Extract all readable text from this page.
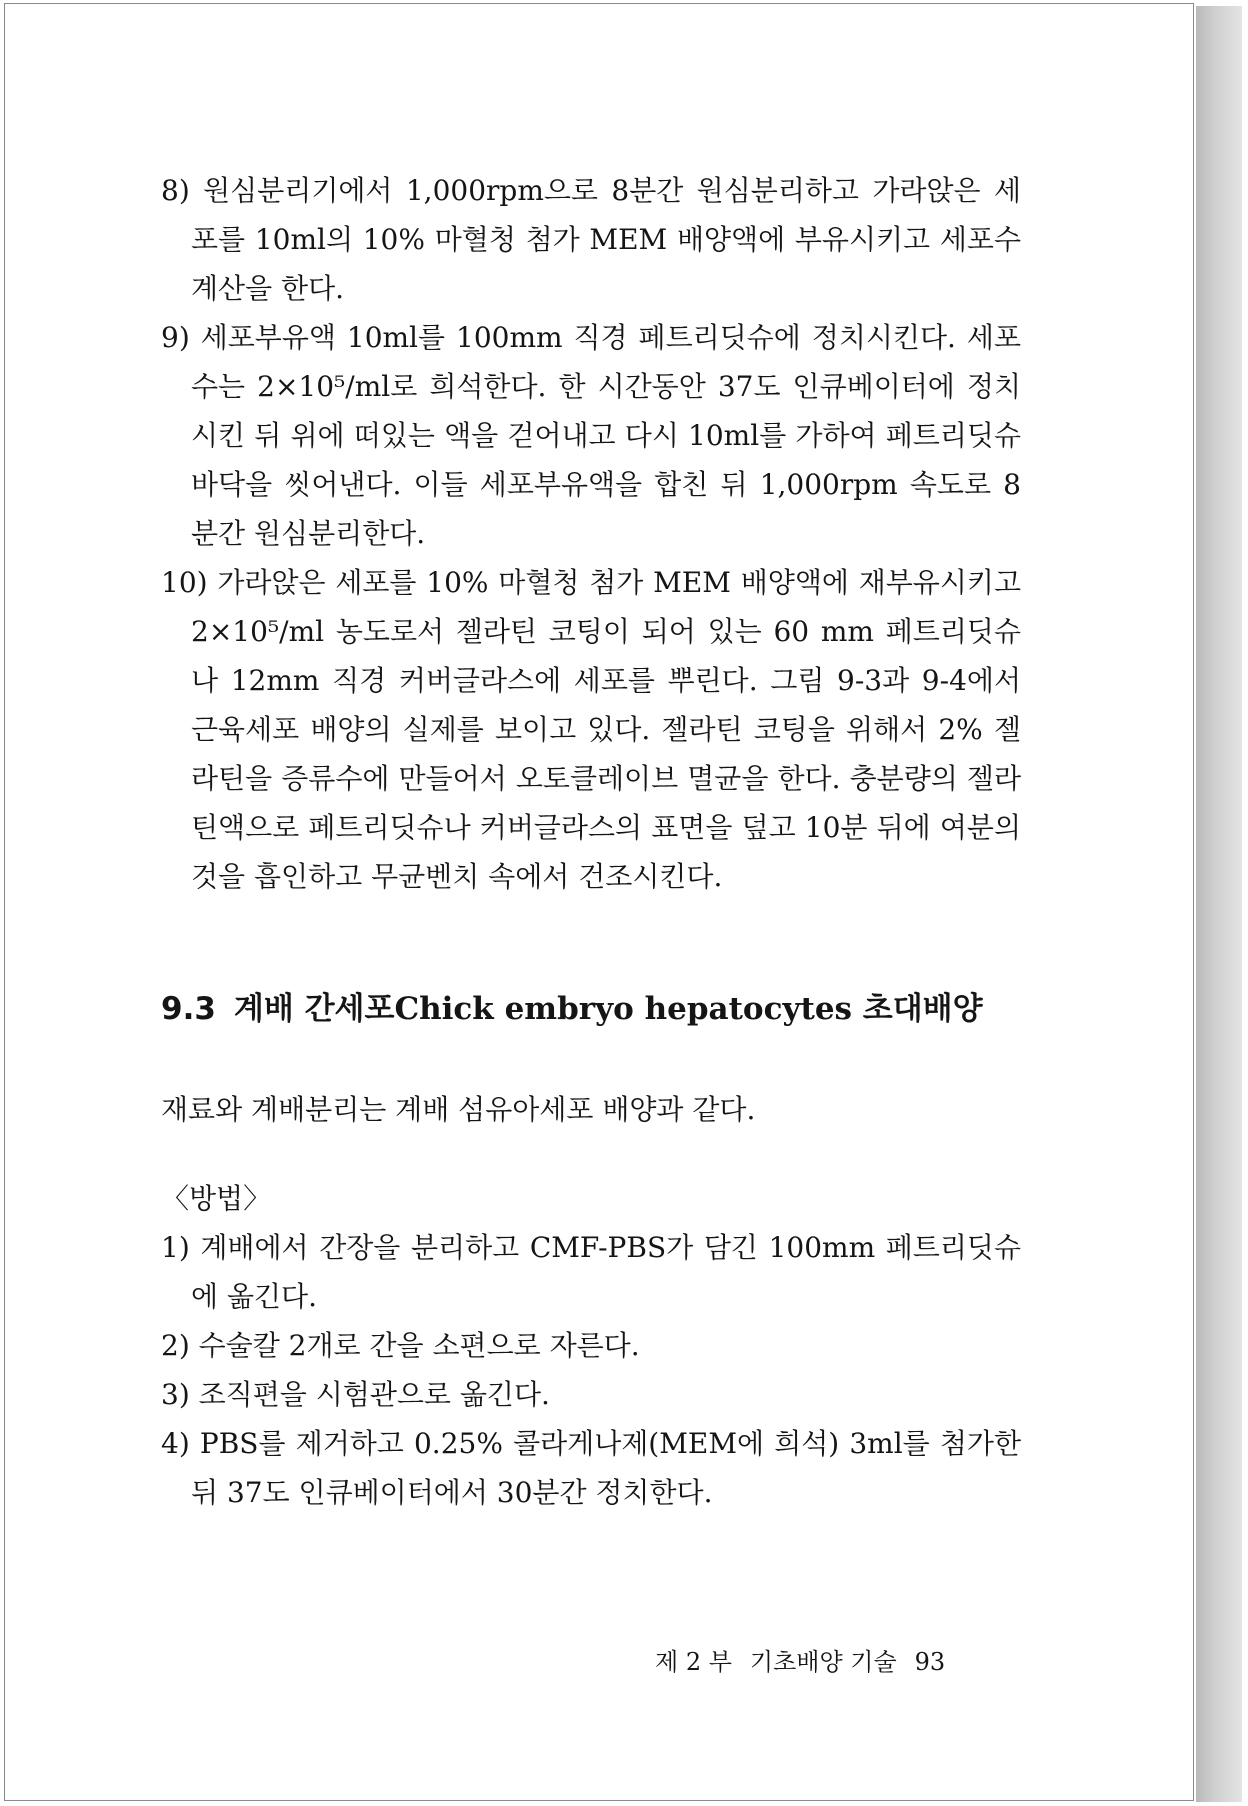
8) 원심분리기에서 1,000rpm으로 8분간 원심분리하고 가라앉은 세포를 10ml의 10% 마혈청 첨가 MEM 배양액에 부유시키고 세포수 계산을 한다.

9) 세포부유액 10ml를 100mm 직경 페트리딧슈에 정치시킨다. 세포수는 2×10⁵/ml로 희석한다. 한 시간동안 37도 인큐베이터에 정치시킨 뒤 위에 떠있는 액을 걷어내고 다시 10ml를 가하여 페트리딧슈 바닥을 씻어낸다. 이들 세포부유액을 합친 뒤 1,000rpm 속도로 8분간 원심분리한다.

10) 가라앉은 세포를 10% 마혈청 첨가 MEM 배양액에 재부유시키고 2×10⁵/ml 농도로서 젤라틴 코팅이 되어 있는 60 mm 페트리딧슈나 12mm 직경 커버글라스에 세포를 뿌린다. 그림 9-3과 9-4에서 근육세포 배양의 실제를 보이고 있다. 젤라틴 코팅을 위해서 2% 젤라틴을 증류수에 만들어서 오토클레이브 멸균을 한다. 충분량의 젤라틴액으로 페트리딧슈나 커버글라스의 표면을 덮고 10분 뒤에 여분의 것을 흡인하고 무균벤치 속에서 건조시킨다.

9.3 계배 간세포Chick embryo hepatocytes 초대배양

재료와 계배분리는 계배 섬유아세포 배양과 같다.

〈방법〉

1) 계배에서 간장을 분리하고 CMF-PBS가 담긴 100mm 페트리딧슈에 옮긴다.

2) 수술칼 2개로 간을 소편으로 자른다.

3) 조직편을 시험관으로 옮긴다.

4) PBS를 제거하고 0.25% 콜라게나제(MEM에 희석) 3ml를 첨가한 뒤 37도 인큐베이터에서 30분간 정치한다.

제 2 부 기초배양 기술 93
